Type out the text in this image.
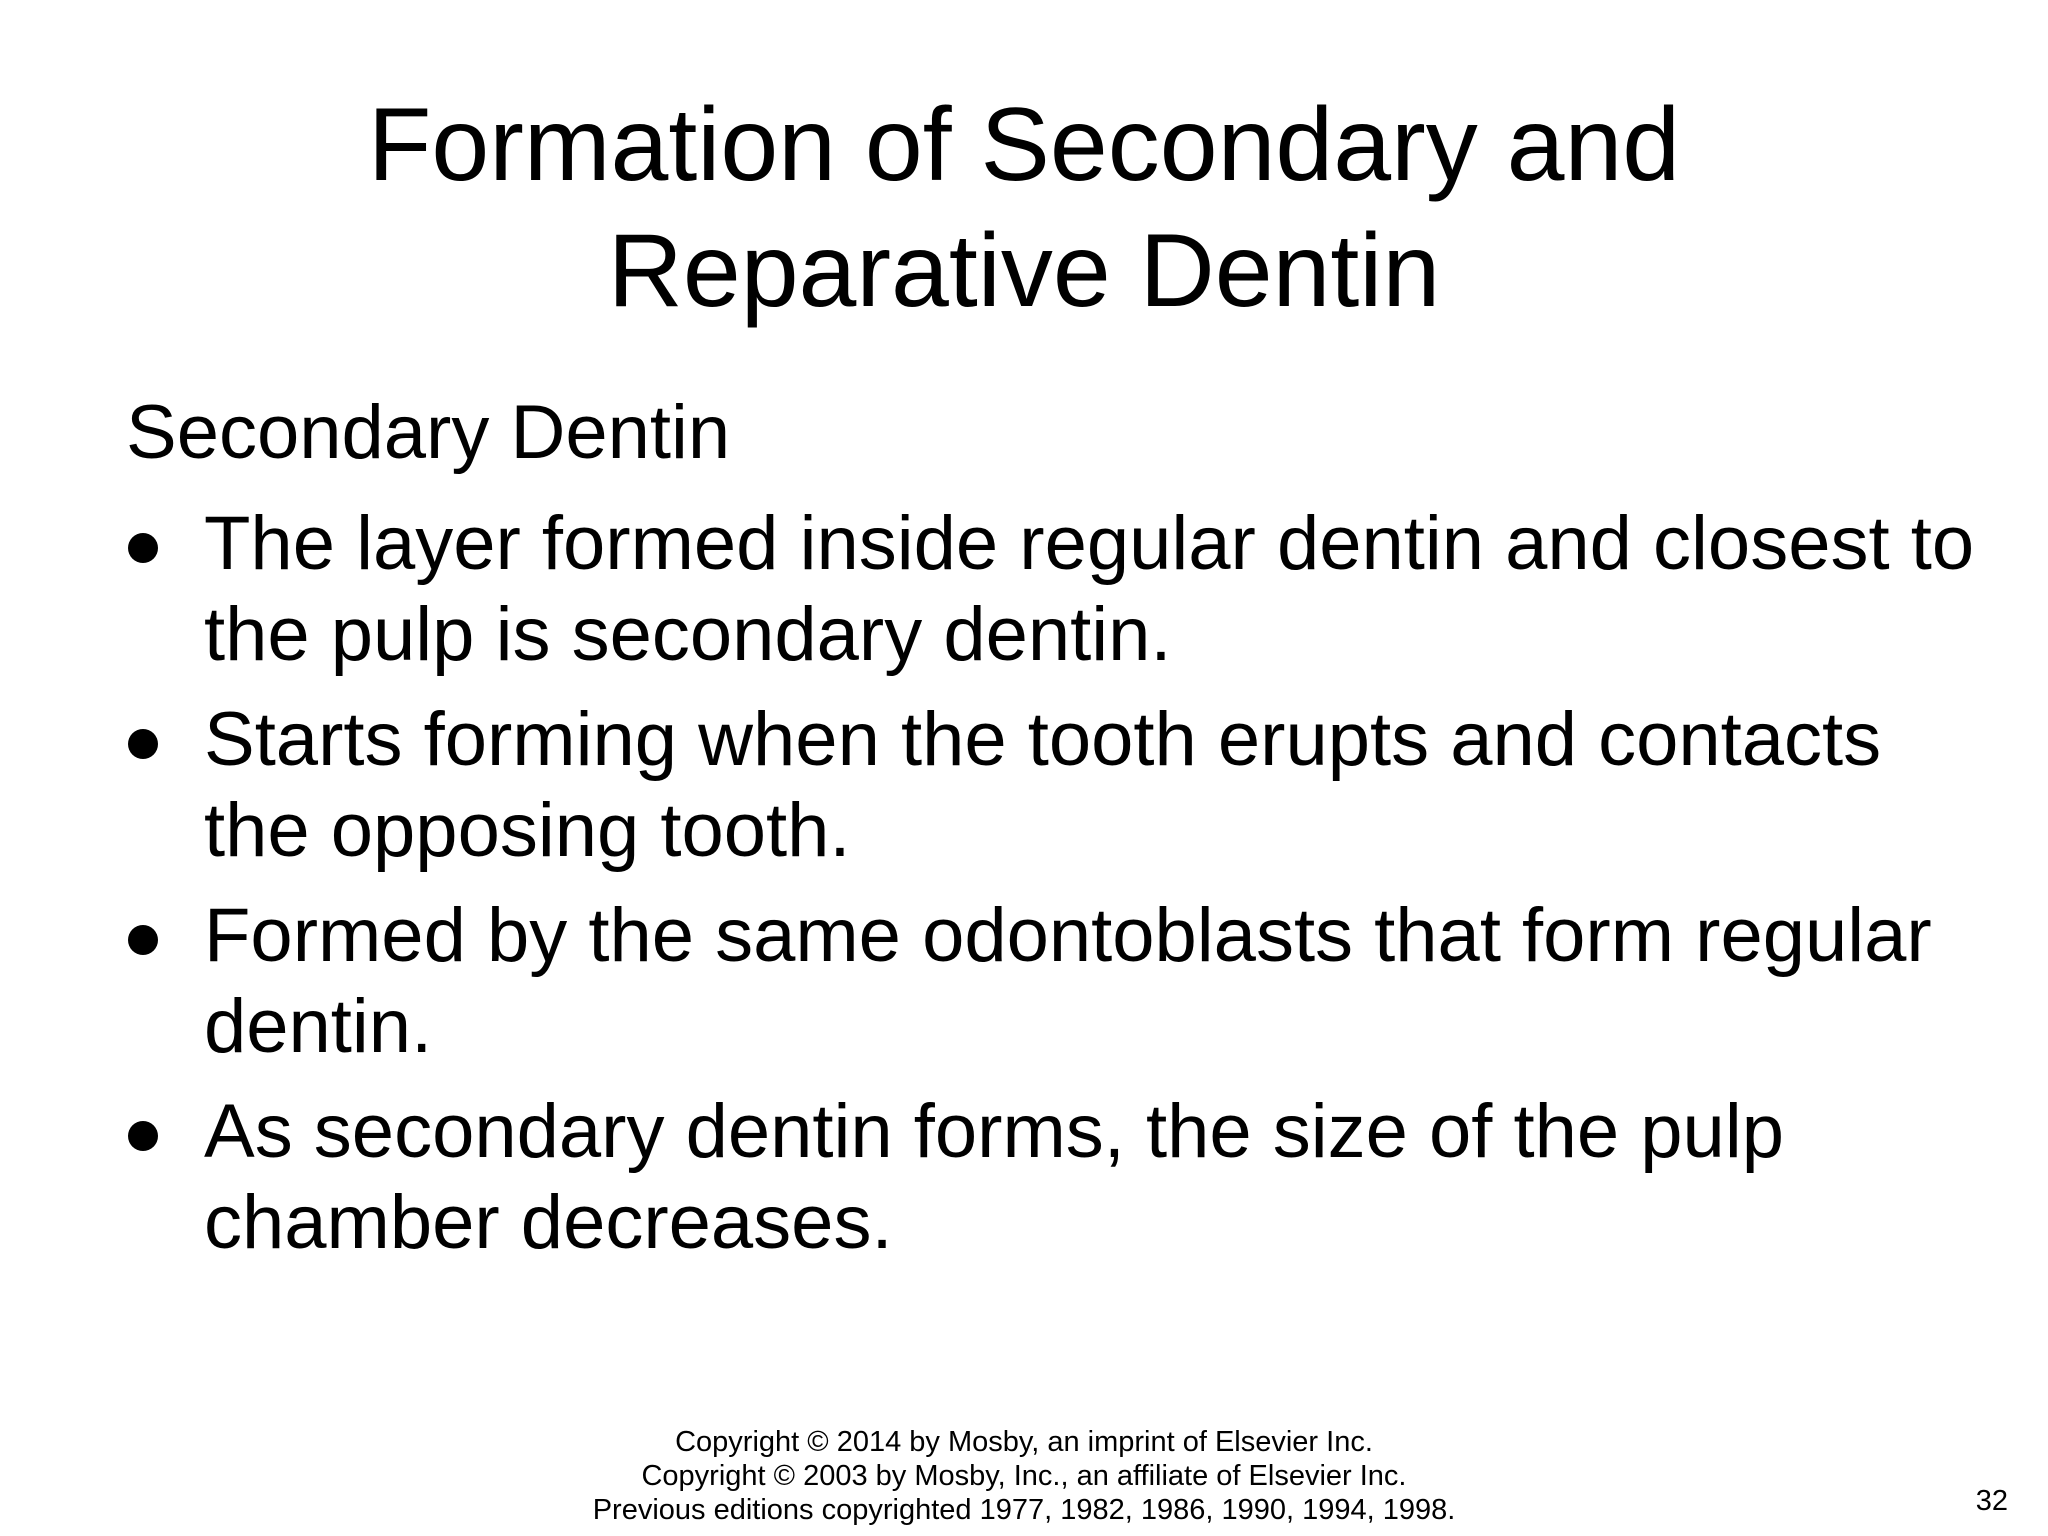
Formation of Secondary and
Reparative Dentin
Secondary Dentin
The layer formed inside regular dentin and closest to the pulp is secondary dentin.
Starts forming when the tooth erupts and contacts the opposing tooth.
Formed by the same odontoblasts that form regular dentin.
As secondary dentin forms, the size of the pulp chamber decreases.
Copyright © 2014 by Mosby, an imprint of Elsevier Inc.
Copyright © 2003 by Mosby, Inc., an affiliate of Elsevier Inc.
Previous editions copyrighted 1977, 1982, 1986, 1990, 1994, 1998.	32
